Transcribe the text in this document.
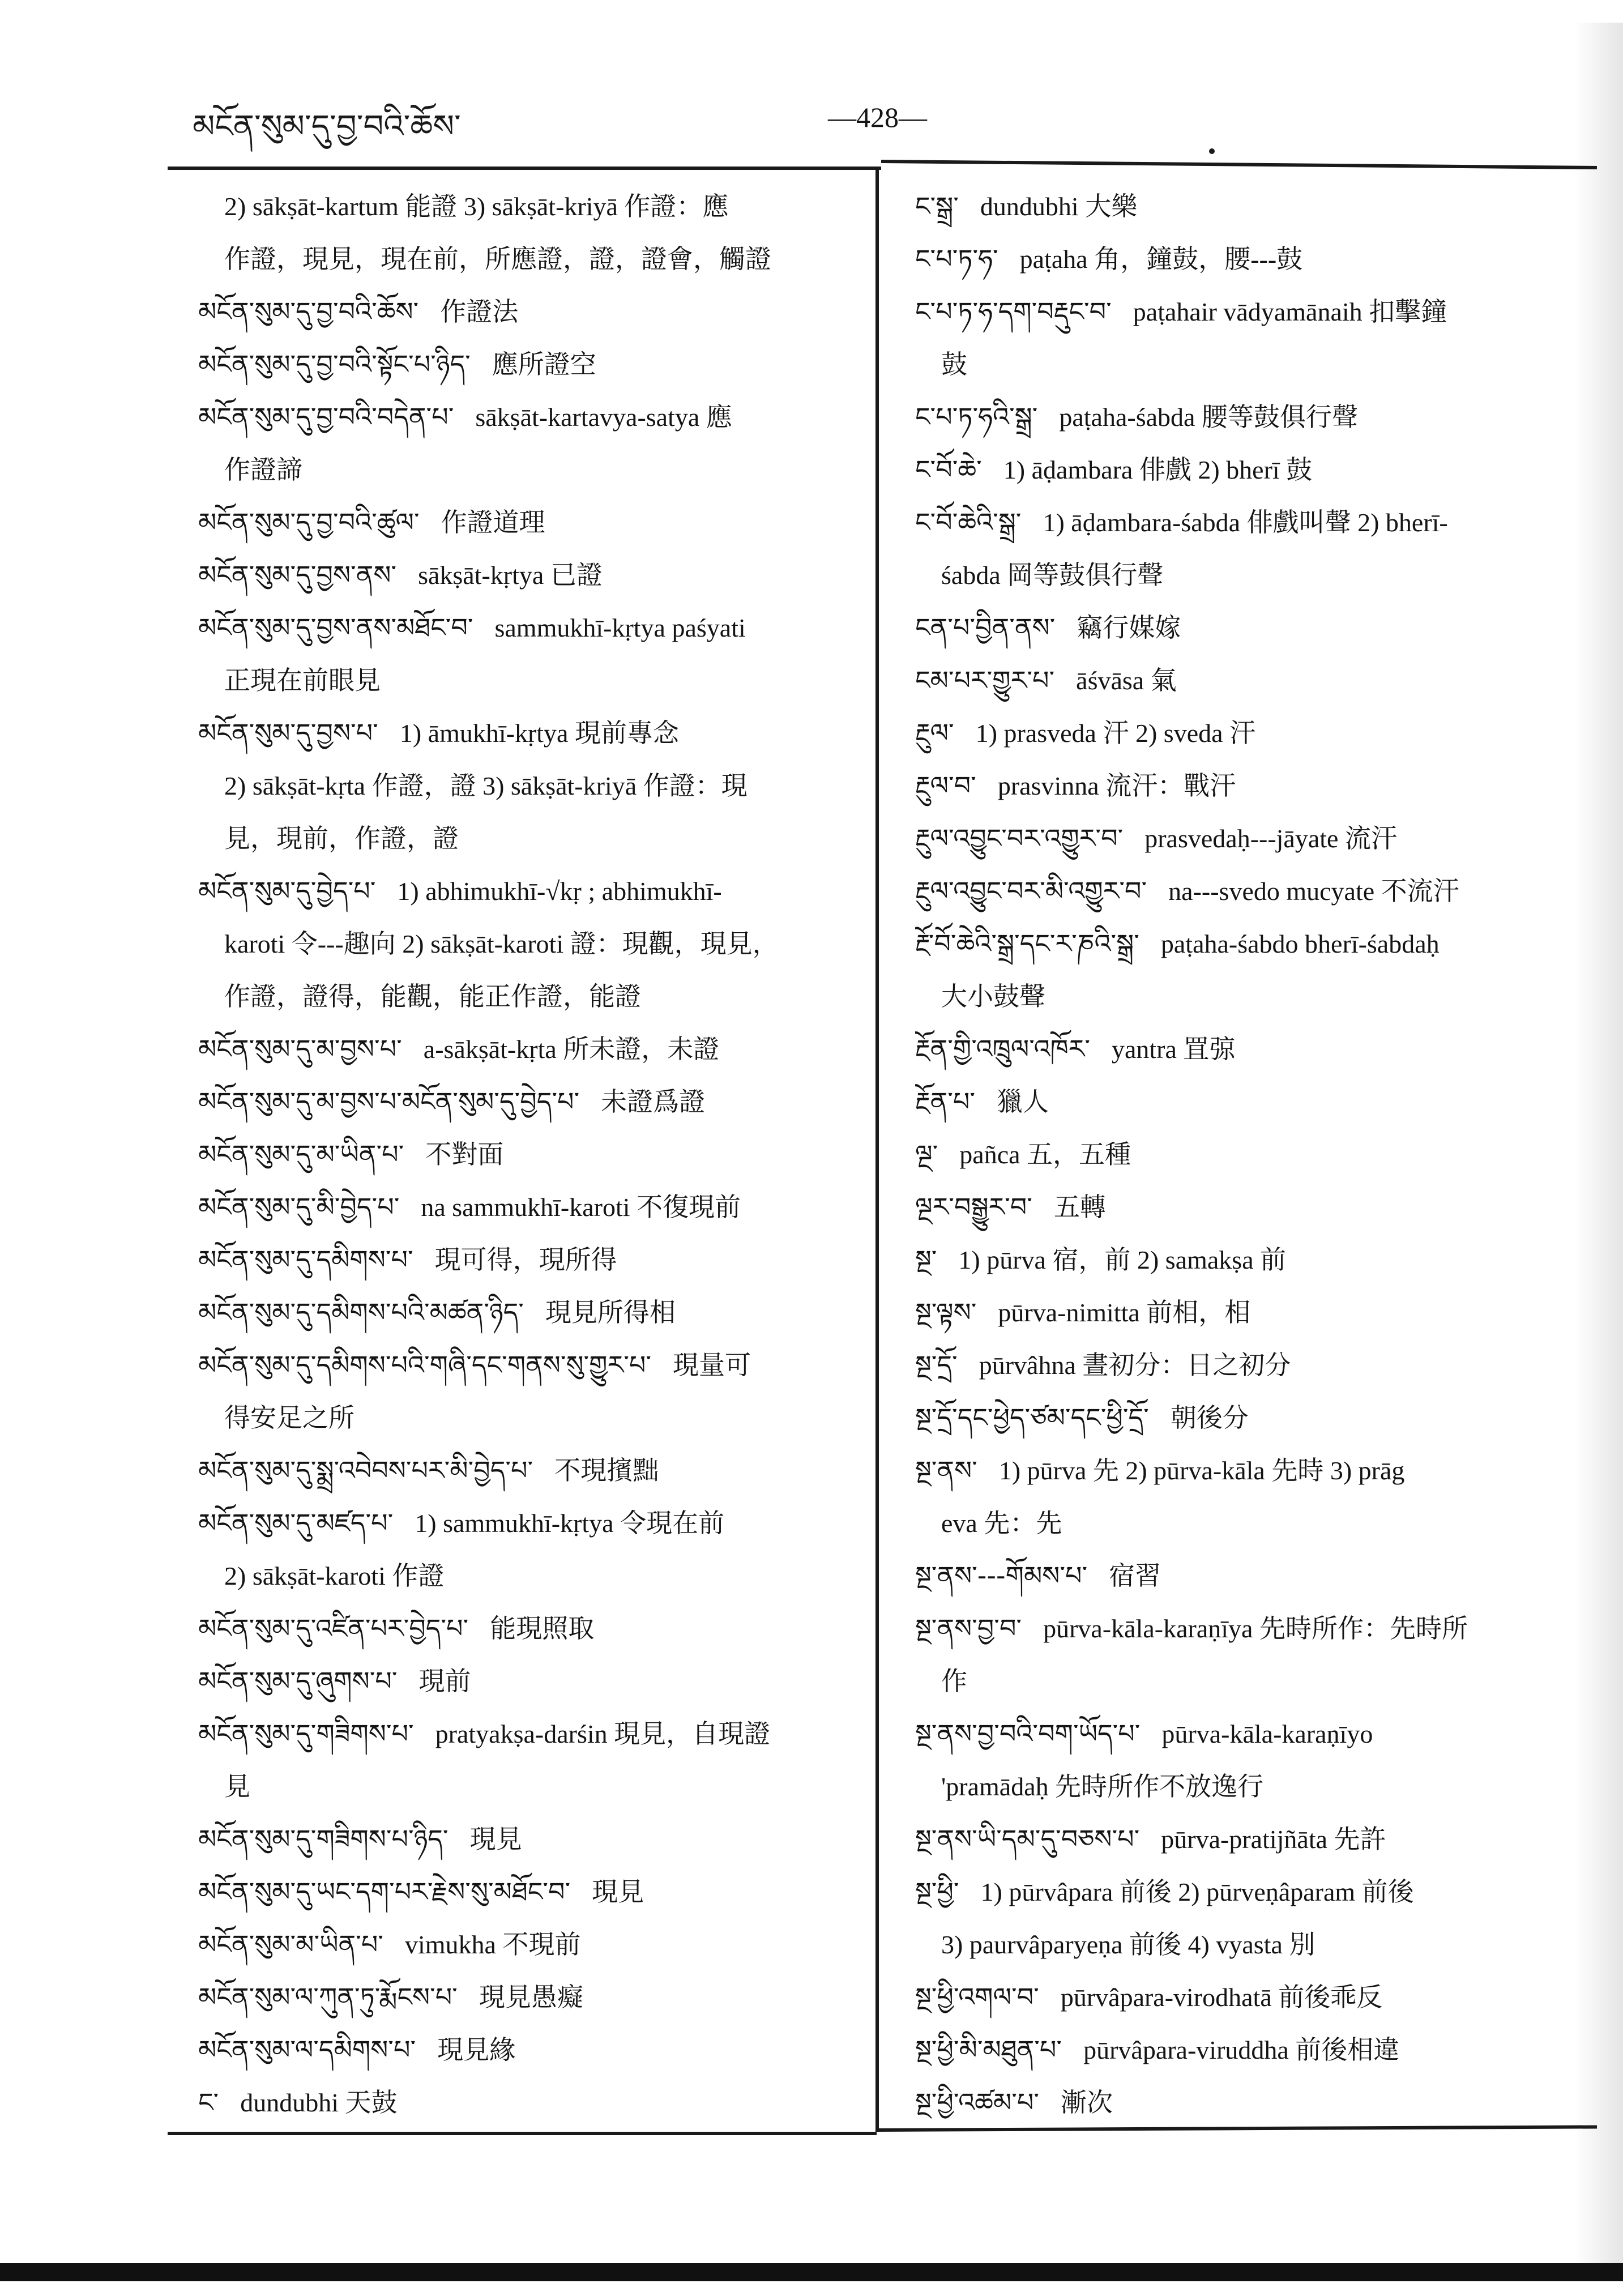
མངོན་སུམ་དུ་བྱ་བའི་ཆོས་	—428—
2) sākṣāt-kartum 能證 3) sākṣāt-kriyā 作證：應
作證，現見，現在前，所應證，證，證會，觸證
མངོན་སུམ་དུ་བྱ་བའི་ཆོས་ 作證法
མངོན་སུམ་དུ་བྱ་བའི་སྟོང་པ་ཉིད་ 應所證空
མངོན་སུམ་དུ་བྱ་བའི་བདེན་པ་ sākṣāt-kartavya-satya 應
作證諦
མངོན་སུམ་དུ་བྱ་བའི་ཚུལ་ 作證道理
མངོན་སུམ་དུ་བྱས་ནས་ sākṣāt-kṛtya 已證
མངོན་སུམ་དུ་བྱས་ནས་མཐོང་བ་ sammukhī-kṛtya paśyati
正現在前眼見
མངོན་སུམ་དུ་བྱས་པ་ 1) āmukhī-kṛtya 現前專念
2) sākṣāt-kṛta 作證，證 3) sākṣāt-kriyā 作證：現
見，現前，作證，證
མངོན་སུམ་དུ་བྱེད་པ་ 1) abhimukhī-√kṛ ; abhimukhī-
karoti 令---趣向 2) sākṣāt-karoti 證：現觀，現見，
作證，證得，能觀，能正作證，能證
མངོན་སུམ་དུ་མ་བྱས་པ་ a-sākṣāt-kṛta 所未證，未證
མངོན་སུམ་དུ་མ་བྱས་པ་མངོན་སུམ་དུ་བྱེད་པ་ 未證爲證
མངོན་སུམ་དུ་མ་ཡིན་པ་ 不對面
མངོན་སུམ་དུ་མི་བྱེད་པ་ na sammukhī-karoti 不復現前
མངོན་སུམ་དུ་དམིགས་པ་ 現可得，現所得
མངོན་སུམ་དུ་དམིགས་པའི་མཚན་ཉིད་ 現見所得相
མངོན་སུམ་དུ་དམིགས་པའི་གཞི་དང་གནས་སུ་གྱུར་པ་ 現量可
得安足之所
མངོན་སུམ་དུ་སྨྲ་འབེབས་པར་མི་བྱེད་པ་ 不現擯黜
མངོན་སུམ་དུ་མཛད་པ་ 1) sammukhī-kṛtya 令現在前
2) sākṣāt-karoti 作證
མངོན་སུམ་དུ་འཛིན་པར་བྱེད་པ་ 能現照取
མངོན་སུམ་དུ་ཞུགས་པ་ 現前
མངོན་སུམ་དུ་གཟིགས་པ་ pratyakṣa-darśin 現見，自現證
見
མངོན་སུམ་དུ་གཟིགས་པ་ཉིད་ 現見
མངོན་སུམ་དུ་ཡང་དག་པར་རྗེས་སུ་མཐོང་བ་ 現見
མངོན་སུམ་མ་ཡིན་པ་ vimukha 不現前
མངོན་སུམ་ལ་ཀུན་ཏུ་རྨོངས་པ་ 現見愚癡
མངོན་སུམ་ལ་དམིགས་པ་ 現見緣
ང་ dundubhi 天鼓
ང་སྒྲ་ dundubhi 大樂
ང་པ་ཏ་ཧ་ paṭaha 角，鐘鼓，腰---鼓
ང་པ་ཏ་ཧ་དག་བརྡུང་བ་ paṭahair vādyamānaih 扣擊鐘
鼓
ང་པ་ཏ་ཧའི་སྒྲ་ paṭaha-śabda 腰等鼓俱行聲
ང་བོ་ཆེ་ 1) āḍambara 俳戲 2) bherī 鼓
ང་བོ་ཆེའི་སྒྲ་ 1) āḍambara-śabda 俳戲叫聲 2) bherī-
śabda 岡等鼓俱行聲
ངན་པ་བྱིན་ནས་ 竊行媒嫁
ངམ་པར་གྱུར་པ་ āśvāsa 氣
རྔུལ་ 1) prasveda 汗 2) sveda 汗
རྔུལ་བ་ prasvinna 流汗：戰汗
རྔུལ་འབྱུང་བར་འགྱུར་བ་ prasvedaḥ---jāyate 流汗
རྔུལ་འབྱུང་བར་མི་འགྱུར་བ་ na---svedo mucyate 不流汗
རྔོ་བོ་ཆེའི་སྒྲ་དང་ར་ཎའི་སྒྲ་ paṭaha-śabdo bherī-śabdaḥ
大小鼓聲
རྔོན་གྱི་འཁྲུལ་འཁོར་ yantra 罝弶
རྔོན་པ་ 獵人
ལྔ་ pañca 五，五種
ལྔར་བསྒྱུར་བ་ 五轉
སྔ་ 1) pūrva 宿，前 2) samakṣa 前
སྔ་ལྟས་ pūrva-nimitta 前相，相
སྔ་དྲོ་ pūrvâhna 晝初分：日之初分
སྔ་དྲོ་དང་ཕྱེད་ཙམ་དང་ཕྱི་དྲོ་ 朝後分
སྔ་ནས་ 1) pūrva 先 2) pūrva-kāla 先時 3) prāg
eva 先：先
སྔ་ནས་---གོམས་པ་ 宿習
སྔ་ནས་བྱ་བ་ pūrva-kāla-karaṇīya 先時所作：先時所
作
སྔ་ནས་བྱ་བའི་བག་ཡོད་པ་ pūrva-kāla-karaṇīyo
'pramādaḥ 先時所作不放逸行
སྔ་ནས་ཡི་དམ་དུ་བཅས་པ་ pūrva-pratijñāta 先許
སྔ་ཕྱི་ 1) pūrvâpara 前後 2) pūrveṇâparam 前後
3) paurvâparyeṇa 前後 4) vyasta 別
སྔ་ཕྱི་འགལ་བ་ pūrvâpara-virodhatā 前後乖反
སྔ་ཕྱི་མི་མཐུན་པ་ pūrvâpara-viruddha 前後相違
སྔ་ཕྱི་འཚམ་པ་ 漸次
